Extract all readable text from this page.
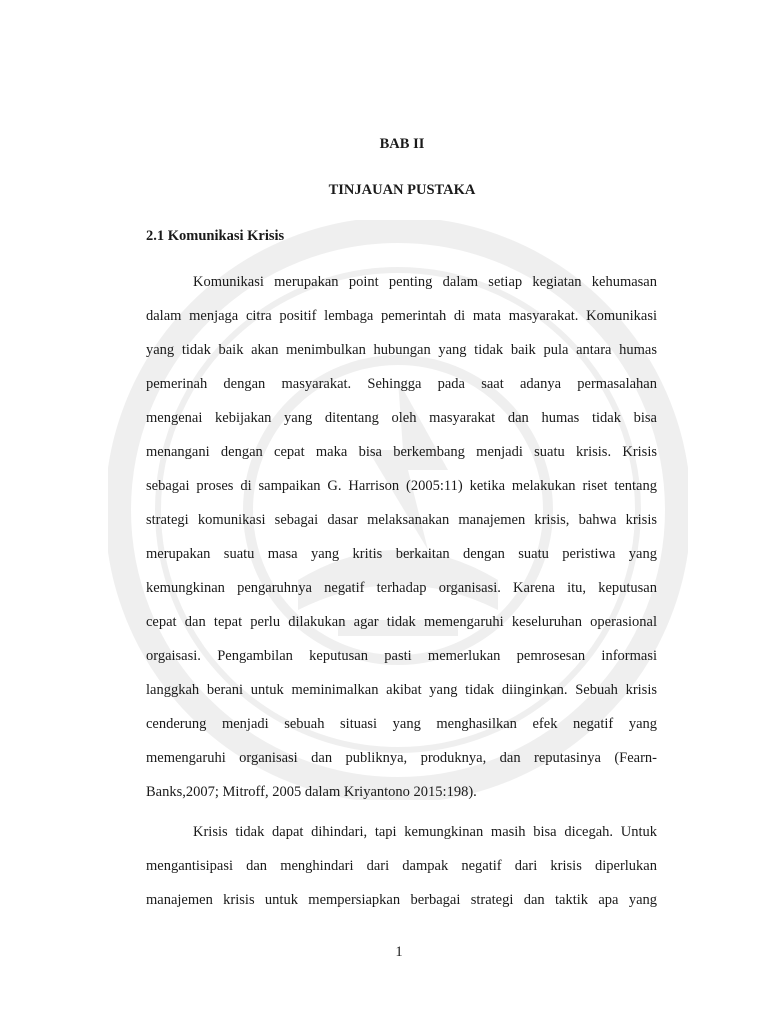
BAB II
TINJAUAN PUSTAKA
2.1 Komunikasi Krisis

Komunikasi merupakan point penting dalam setiap kegiatan kehumasan
dalam menjaga citra positif lembaga pemerintah di mata masyarakat. Komunikasi
yang tidak baik akan menimbulkan hubungan yang tidak baik pula antara humas
pemerinah dengan masyarakat. Sehingga pada saat adanya permasalahan
mengenai kebijakan yang ditentang oleh masyarakat dan humas tidak bisa
menangani dengan cepat maka bisa berkembang menjadi suatu krisis. Krisis
sebagai proses di sampaikan G. Harrison (2005:11) ketika melakukan riset tentang
strategi komunikasi sebagai dasar melaksanakan manajemen krisis, bahwa krisis
merupakan suatu masa yang kritis berkaitan dengan suatu peristiwa yang
kemungkinan pengaruhnya negatif terhadap organisasi. Karena itu, keputusan
cepat dan tepat perlu dilakukan agar tidak memengaruhi keseluruhan operasional
orgaisasi. Pengambilan keputusan pasti memerlukan pemrosesan informasi
langgkah berani untuk meminimalkan akibat yang tidak diinginkan. Sebuah krisis
cenderung menjadi sebuah situasi yang menghasilkan efek negatif yang
memengaruhi organisasi dan publiknya, produknya, dan reputasinya (Fearn-
Banks,2007; Mitroff, 2005 dalam Kriyantono 2015:198).

Krisis tidak dapat dihindari, tapi kemungkinan masih bisa dicegah. Untuk
mengantisipasi dan menghindari dari dampak negatif dari krisis diperlukan
manajemen krisis untuk mempersiapkan berbagai strategi dan taktik apa yang

1
